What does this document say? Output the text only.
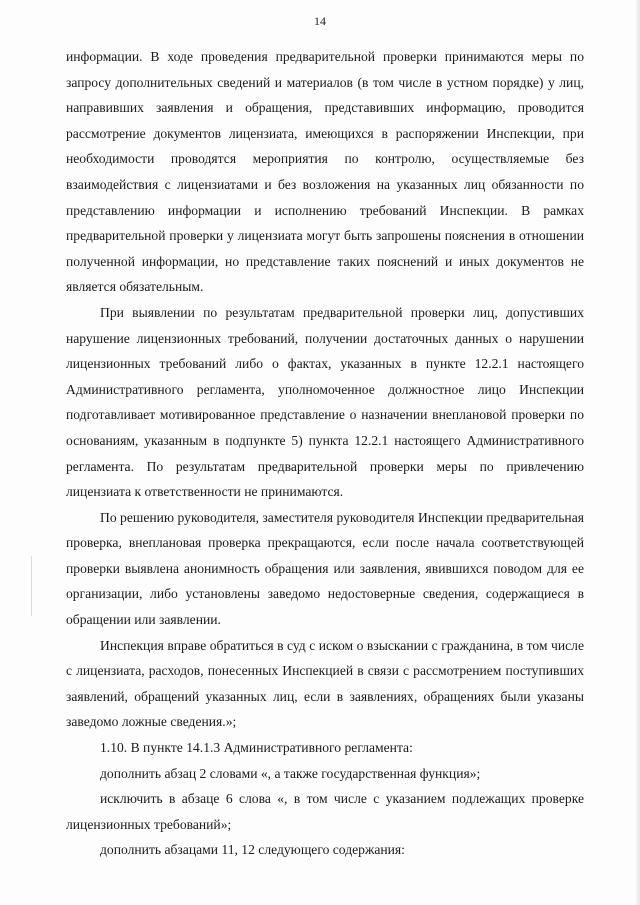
14

информации. В ходе проведения предварительной проверки принимаются меры по запросу дополнительных сведений и материалов (в том числе в устном порядке) у лиц, направивших заявления и обращения, представивших информацию, проводится рассмотрение документов лицензиата, имеющихся в распоряжении Инспекции, при необходимости проводятся мероприятия по контролю, осуществляемые без взаимодействия с лицензиатами и без возложения на указанных лиц обязанности по представлению информации и исполнению требований Инспекции. В рамках предварительной проверки у лицензиата могут быть запрошены пояснения в отношении полученной информации, но представление таких пояснений и иных документов не является обязательным.

При выявлении по результатам предварительной проверки лиц, допустивших нарушение лицензионных требований, получении достаточных данных о нарушении лицензионных требований либо о фактах, указанных в пункте 12.2.1 настоящего Административного регламента, уполномоченное должностное лицо Инспекции подготавливает мотивированное представление о назначении внеплановой проверки по основаниям, указанным в подпункте 5) пункта 12.2.1 настоящего Административного регламента. По результатам предварительной проверки меры по привлечению лицензиата к ответственности не принимаются.

По решению руководителя, заместителя руководителя Инспекции предварительная проверка, внеплановая проверка прекращаются, если после начала соответствующей проверки выявлена анонимность обращения или заявления, явившихся поводом для ее организации, либо установлены заведомо недостоверные сведения, содержащиеся в обращении или заявлении.

Инспекция вправе обратиться в суд с иском о взыскании с гражданина, в том числе с лицензиата, расходов, понесенных Инспекцией в связи с рассмотрением поступивших заявлений, обращений указанных лиц, если в заявлениях, обращениях были указаны заведомо ложные сведения.»;

1.10. В пункте 14.1.3 Административного регламента:

дополнить абзац 2 словами «, а также государственная функция»;

исключить в абзаце 6 слова «, в том числе с указанием подлежащих проверке лицензионных требований»;

дополнить абзацами 11, 12 следующего содержания:
